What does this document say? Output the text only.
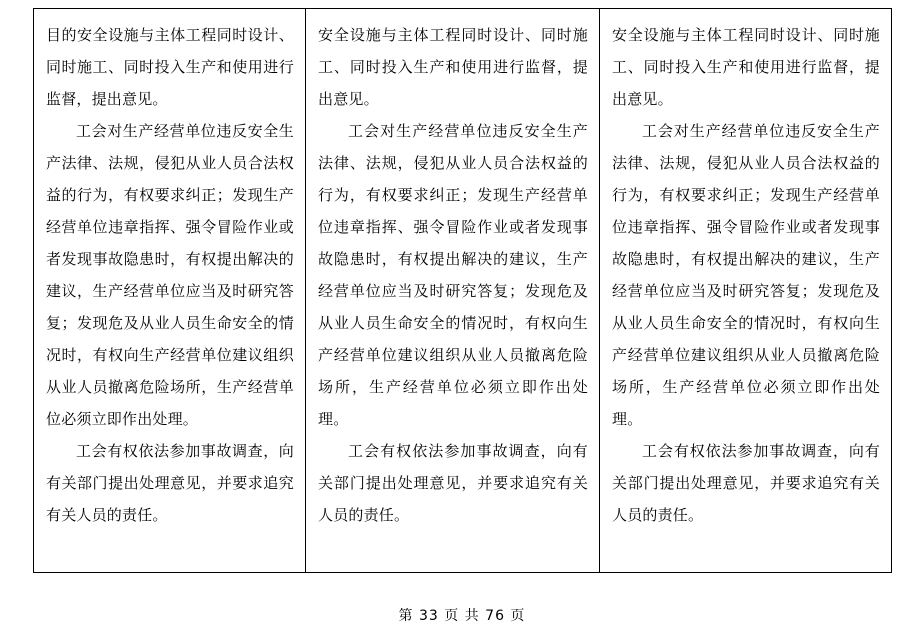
目的安全设施与主体工程同时设计、同时施工、同时投入生产和使用进行监督，提出意见。

工会对生产经营单位违反安全生产法律、法规，侵犯从业人员合法权益的行为，有权要求纠正；发现生产经营单位违章指挥、强令冒险作业或者发现事故隐患时，有权提出解决的建议，生产经营单位应当及时研究答复；发现危及从业人员生命安全的情况时，有权向生产经营单位建议组织从业人员撤离危险场所，生产经营单位必须立即作出处理。

工会有权依法参加事故调查，向有关部门提出处理意见，并要求追究有关人员的责任。

安全设施与主体工程同时设计、同时施工、同时投入生产和使用进行监督，提出意见。

工会对生产经营单位违反安全生产法律、法规，侵犯从业人员合法权益的行为，有权要求纠正；发现生产经营单位违章指挥、强令冒险作业或者发现事故隐患时，有权提出解决的建议，生产经营单位应当及时研究答复；发现危及从业人员生命安全的情况时，有权向生产经营单位建议组织从业人员撤离危险场所，生产经营单位必须立即作出处理。

工会有权依法参加事故调查，向有关部门提出处理意见，并要求追究有关人员的责任。

安全设施与主体工程同时设计、同时施工、同时投入生产和使用进行监督，提出意见。

工会对生产经营单位违反安全生产法律、法规，侵犯从业人员合法权益的行为，有权要求纠正；发现生产经营单位违章指挥、强令冒险作业或者发现事故隐患时，有权提出解决的建议，生产经营单位应当及时研究答复；发现危及从业人员生命安全的情况时，有权向生产经营单位建议组织从业人员撤离危险场所，生产经营单位必须立即作出处理。

工会有权依法参加事故调查，向有关部门提出处理意见，并要求追究有关人员的责任。

第 33 页 共 76 页
